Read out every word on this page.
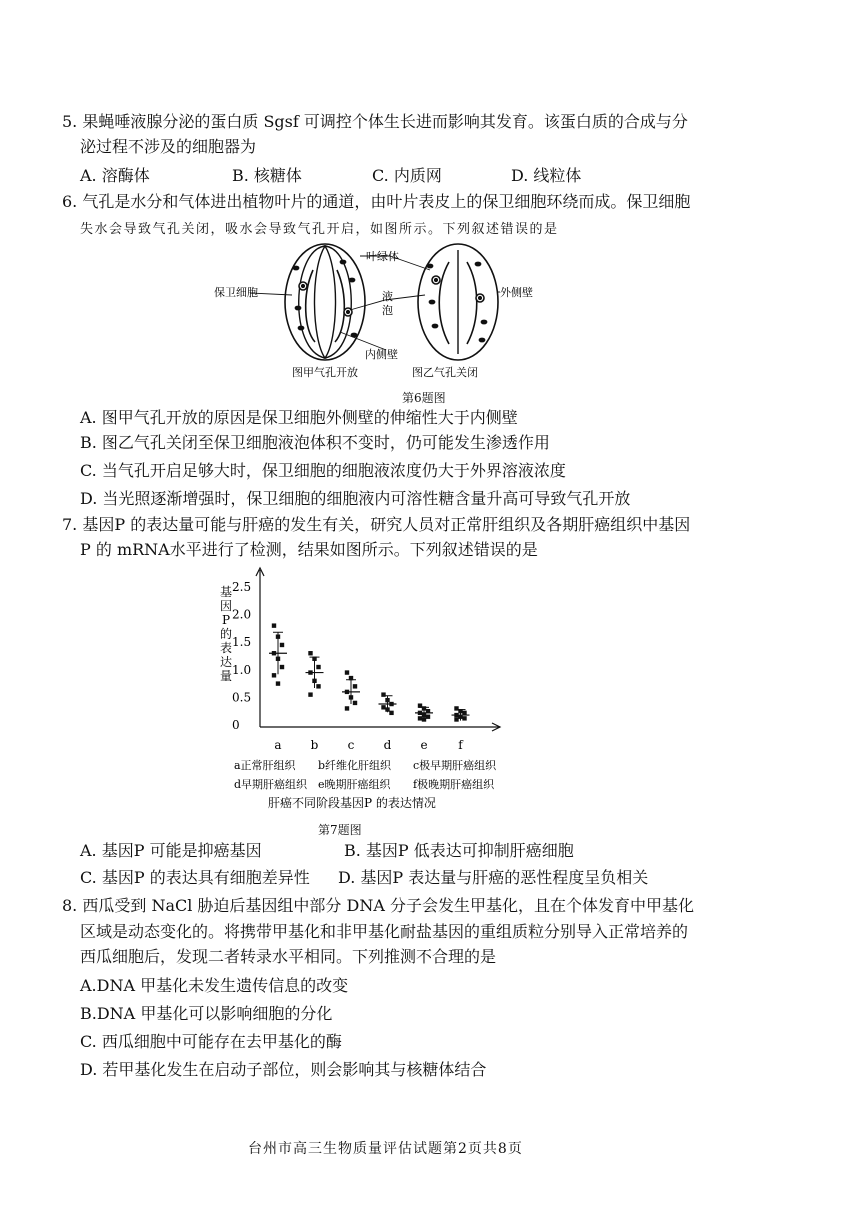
5. 果蝇唾液腺分泌的蛋白质 Sgsf 可调控个体生长进而影响其发育。该蛋白质的合成与分
泌过程不涉及的细胞器为
A. 溶酶体	B. 核糖体	C. 内质网	D. 线粒体
6. 气孔是水分和气体进出植物叶片的通道，由叶片表皮上的保卫细胞环绕而成。保卫细胞
失水会导致气孔关闭，吸水会导致气孔开启，如图所示。下列叙述错误的是
保卫细胞
叶绿体
液
泡
外侧壁
内侧壁
图甲气孔开放	图乙气孔关闭
第6题图
A. 图甲气孔开放的原因是保卫细胞外侧壁的伸缩性大于内侧壁
B. 图乙气孔关闭至保卫细胞液泡体积不变时，仍可能发生渗透作用
C. 当气孔开启足够大时，保卫细胞的细胞液浓度仍大于外界溶液浓度
D. 当光照逐渐增强时，保卫细胞的细胞液内可溶性糖含量升高可导致气孔开放
7. 基因P 的表达量可能与肝癌的发生有关，研究人员对正常肝组织及各期肝癌组织中基因
P 的 mRNA水平进行了检测，结果如图所示。下列叙述错误的是
0
0.5
1.0
1.5
2.0
2.5
基
因
P
的
表
达
量
a b c d e	f
a正常肝组织 b纤维化肝组织 c极早期肝癌组织
d早期肝癌组织 e晚期肝癌组织 f极晚期肝癌组织
肝癌不同阶段基因P 的表达情况
第7题图
A. 基因P 可能是抑癌基因	B. 基因P 低表达可抑制肝癌细胞
C. 基因P 的表达具有细胞差异性 D. 基因P 表达量与肝癌的恶性程度呈负相关
8. 西瓜受到 NaCl 胁迫后基因组中部分 DNA 分子会发生甲基化，且在个体发育中甲基化
区域是动态变化的。将携带甲基化和非甲基化耐盐基因的重组质粒分别导入正常培养的
西瓜细胞后，发现二者转录水平相同。下列推测不合理的是
A.DNA 甲基化未发生遗传信息的改变
B.DNA 甲基化可以影响细胞的分化
C. 西瓜细胞中可能存在去甲基化的酶
D. 若甲基化发生在启动子部位，则会影响其与核糖体结合
台州市高三生物质量评估试题第2页共8页
